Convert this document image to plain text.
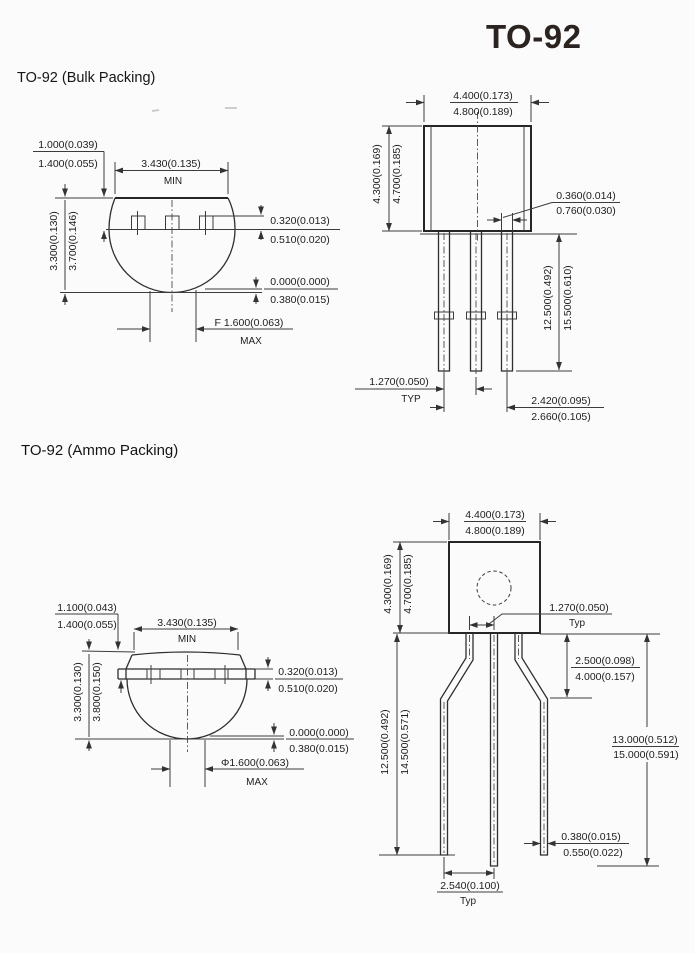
TO-92
TO-92 (Bulk Packing)
TO-92 (Ammo Packing)
1.000(0.039)
1.400(0.055)	3.430(0.135)
MIN
3.300(0.130) 3.700(0.146)	0.320(0.013)
0.510(0.020)
0.000(0.000)
0.380(0.015)
F 1.600(0.063)
MAX
4.400(0.173)
4.800(0.189)
4.300(0.169) 4.700(0.185)	0.360(0.014)
0.760(0.030)
12.500(0.492) 15.500(0.610)
1.270(0.050)
TYP	2.420(0.095)
2.660(0.105)
1.100(0.043)
1.400(0.055)	3.430(0.135)
MIN
3.300(0.130) 3.800(0.150)	0.320(0.013)
0.510(0.020)
0.000(0.000)
0.380(0.015)
Φ1.600(0.063)
MAX
4.400(0.173)
4.800(0.189)
4.300(0.169) 4.700(0.185)	1.270(0.050)
Typ
2.500(0.098)
4.000(0.157)
13.000(0.512)
15.000(0.591)
12.500(0.492) 14.500(0.571)
0.380(0.015)
0.550(0.022)
2.540(0.100)
Typ
